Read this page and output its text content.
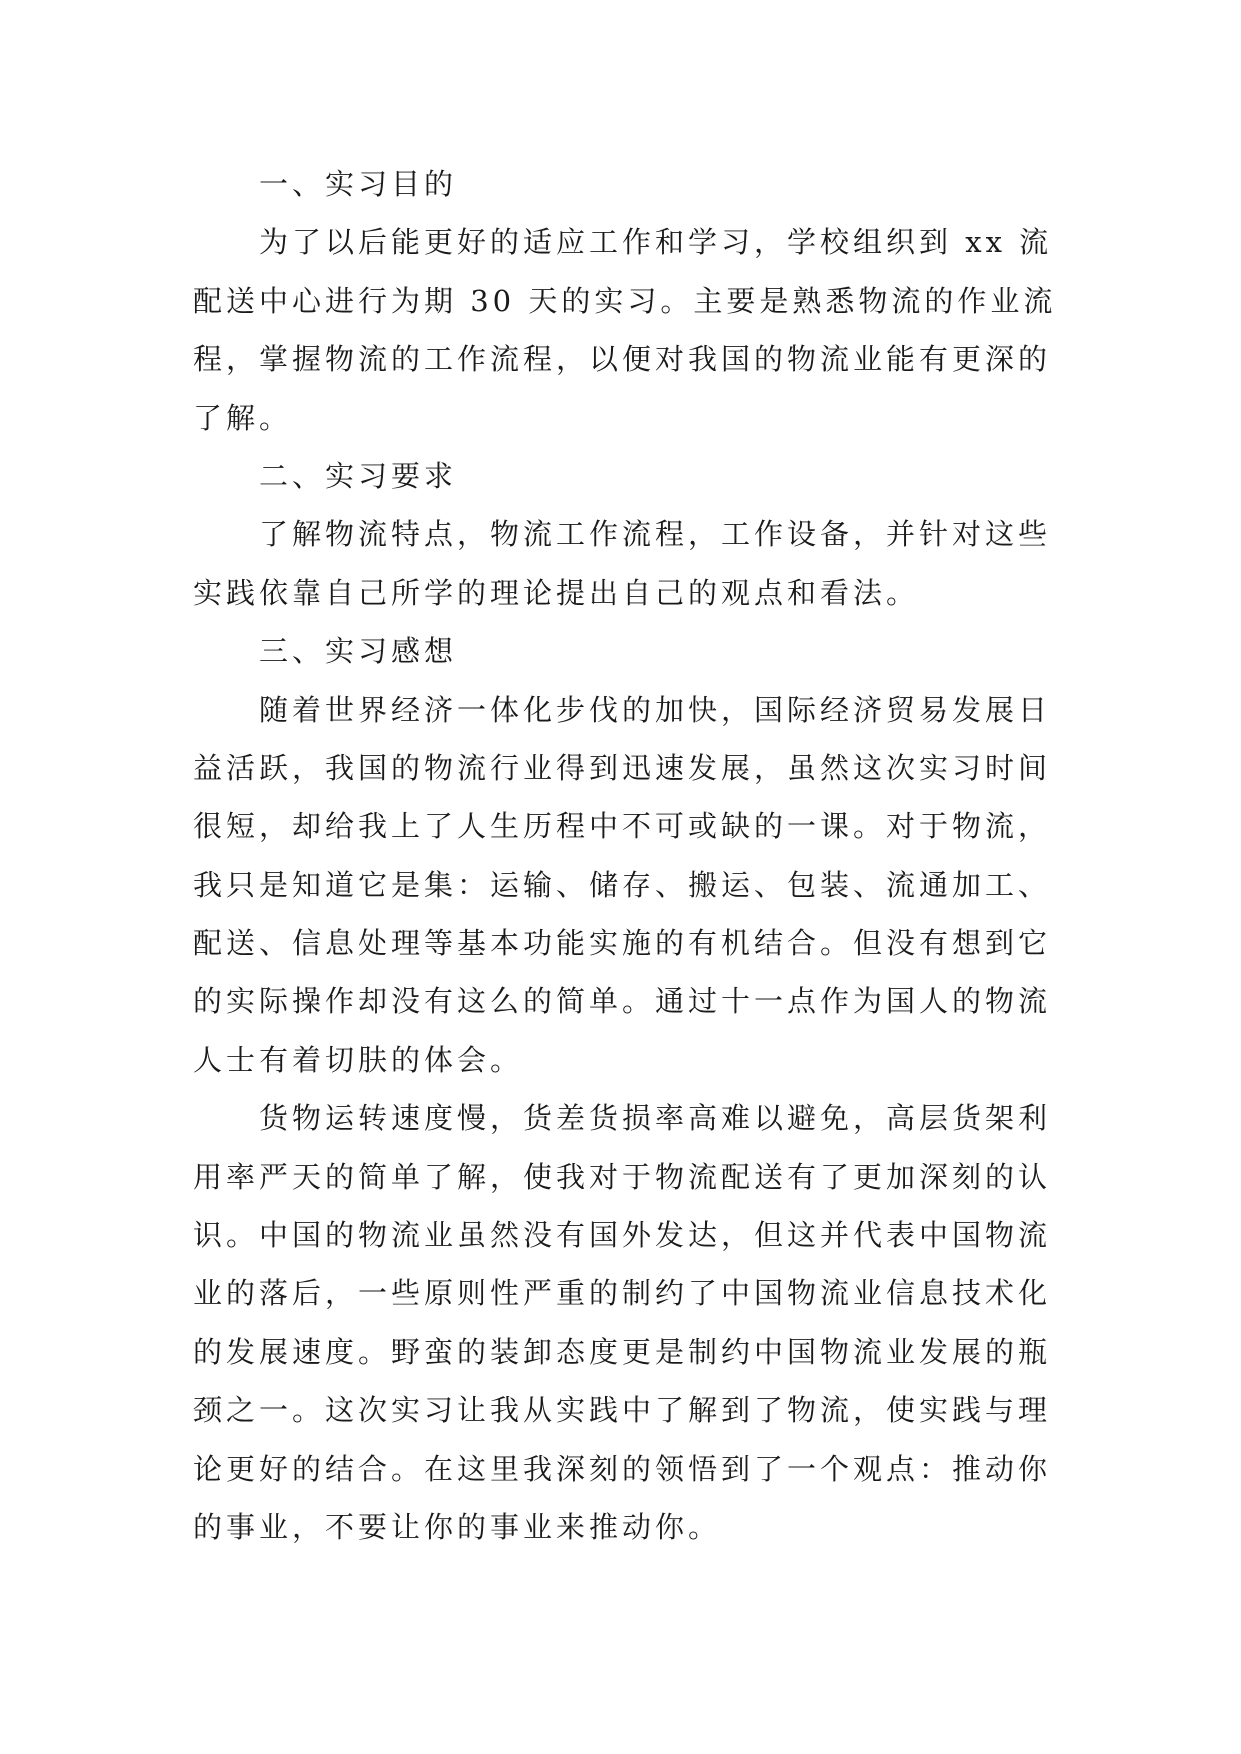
一、实习目的
为了以后能更好的适应工作和学习，学校组织到 xx 流
配送中心进行为期 30 天的实习。主要是熟悉物流的作业流
程，掌握物流的工作流程，以便对我国的物流业能有更深的
了解。
二、实习要求
了解物流特点，物流工作流程，工作设备，并针对这些
实践依靠自己所学的理论提出自己的观点和看法。
三、实习感想
随着世界经济一体化步伐的加快，国际经济贸易发展日
益活跃，我国的物流行业得到迅速发展，虽然这次实习时间
很短，却给我上了人生历程中不可或缺的一课。对于物流，
我只是知道它是集：运输、储存、搬运、包装、流通加工、
配送、信息处理等基本功能实施的有机结合。但没有想到它
的实际操作却没有这么的简单。通过十一点作为国人的物流
人士有着切肤的体会。
货物运转速度慢，货差货损率高难以避免，高层货架利
用率严天的简单了解，使我对于物流配送有了更加深刻的认
识。中国的物流业虽然没有国外发达，但这并代表中国物流
业的落后，一些原则性严重的制约了中国物流业信息技术化
的发展速度。野蛮的装卸态度更是制约中国物流业发展的瓶
颈之一。这次实习让我从实践中了解到了物流，使实践与理
论更好的结合。在这里我深刻的领悟到了一个观点：推动你
的事业，不要让你的事业来推动你。
